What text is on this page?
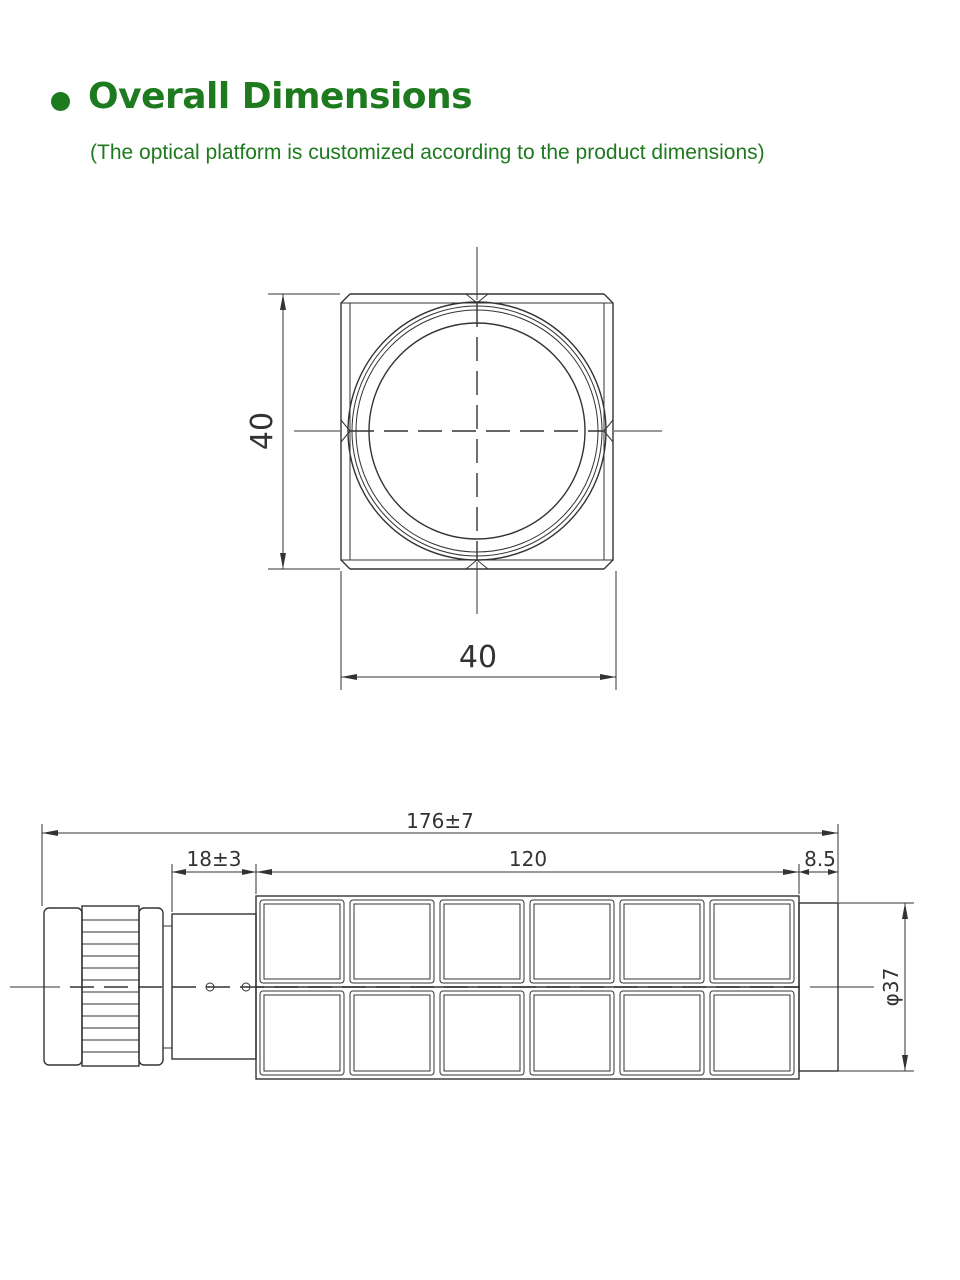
Overall Dimensions
(The optical platform is customized according to the product dimensions)
40
40
176±7
18±3	120	8.5
φ37
